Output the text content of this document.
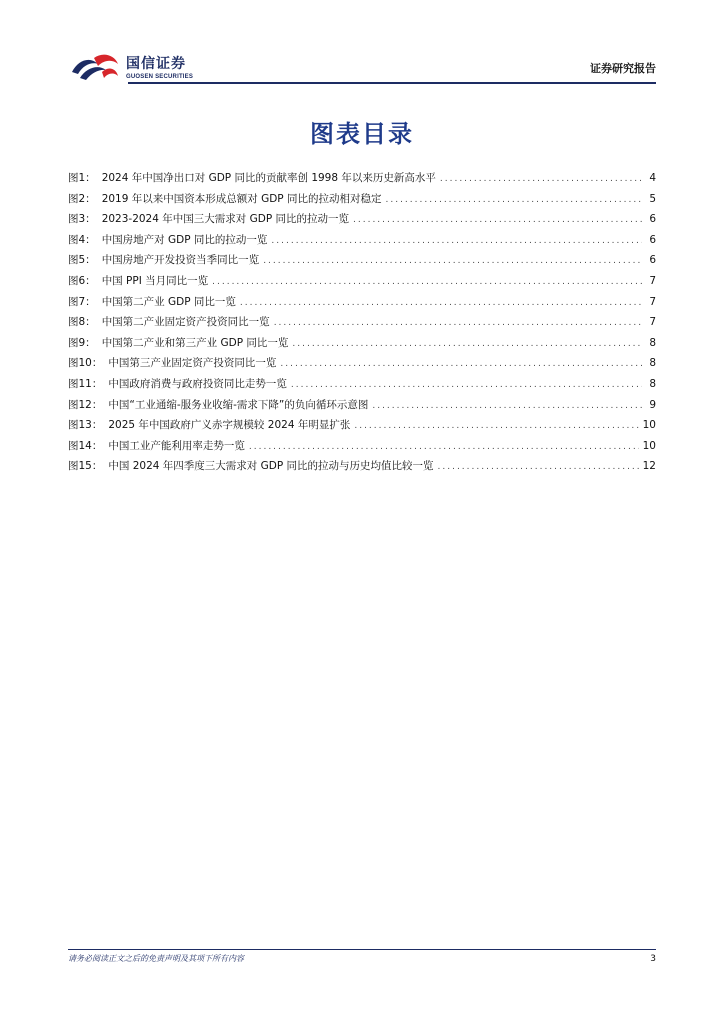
国信证券
GUOSEN SECURITIES
证券研究报告
图表目录
图1： 2024 年中国净出口对 GDP 同比的贡献率创 1998 年以来历史新高水平 .....	4
图2： 2019 年以来中国资本形成总额对 GDP 同比的拉动相对稳定 .....	5
图3： 2023-2024 年中国三大需求对 GDP 同比的拉动一览 .....	6
图4： 中国房地产对 GDP 同比的拉动一览 .....	6
图5： 中国房地产开发投资当季同比一览 .....	6
图6： 中国 PPI 当月同比一览 .....	7
图7： 中国第二产业 GDP 同比一览 .....	7
图8： 中国第二产业固定资产投资同比一览 .....	7
图9： 中国第二产业和第三产业 GDP 同比一览 .....	8
图10： 中国第三产业固定资产投资同比一览 .....	8
图11： 中国政府消费与政府投资同比走势一览 .....	8
图12： 中国“工业通缩-服务业收缩-需求下降”的负向循环示意图 .....	9
图13： 2025 年中国政府广义赤字规模较 2024 年明显扩张 .....	10
图14： 中国工业产能利用率走势一览 .....	10
图15： 中国 2024 年四季度三大需求对 GDP 同比的拉动与历史均值比较一览 .....	12
请务必阅读正文之后的免责声明及其项下所有内容	3
